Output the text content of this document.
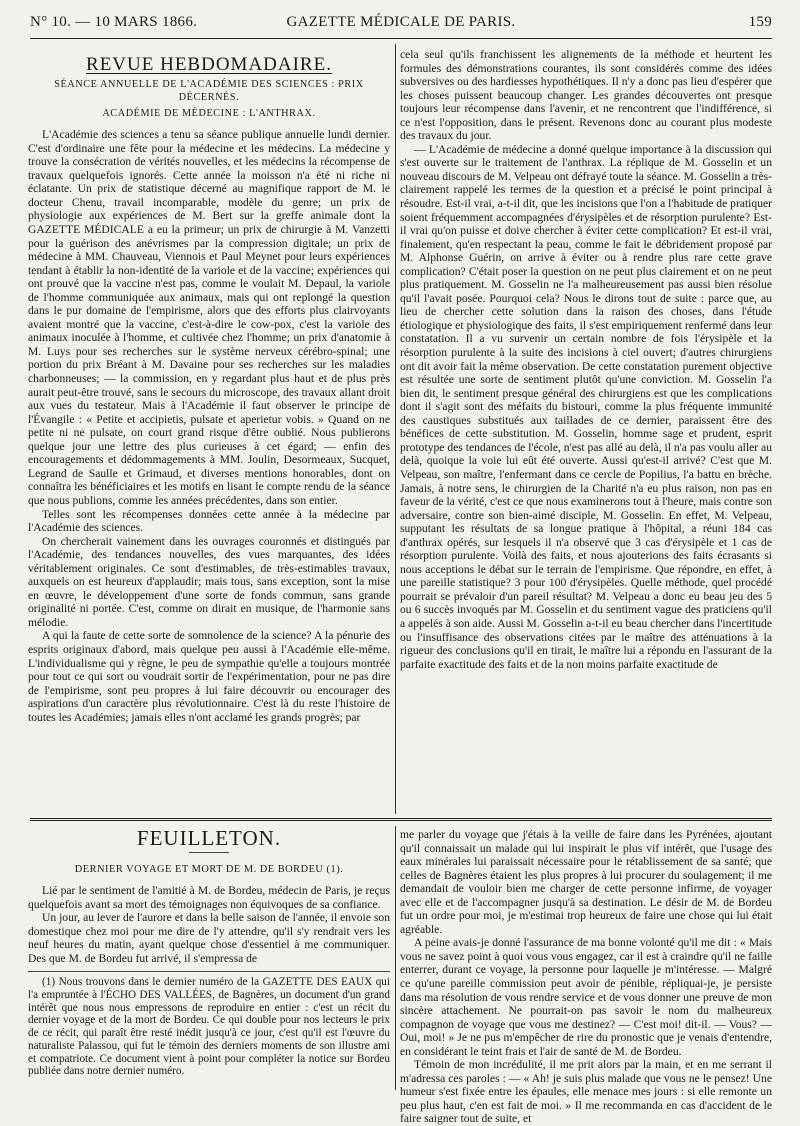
N° 10. — 10 MARS 1866.	GAZETTE MÉDICALE DE PARIS.	159
REVUE HEBDOMADAIRE.
SÉANCE ANNUELLE DE L'ACADÉMIE DES SCIENCES : PRIX DÉCERNÉS.
ACADÉMIE DE MÉDECINE : L'ANTHRAX.

L'Académie des sciences a tenu sa séance publique annuelle lundi dernier. C'est d'ordinaire une fête pour la médecine et les médecins. La médecine y trouve la consécration de vérités nouvelles, et les médecins la récompense de travaux quelquefois ignorés. Cette année la moisson n'a été ni riche ni éclatante. Un prix de statistique décerné au magnifique rapport de M. le docteur Chenu, travail incomparable, modèle du genre; un prix de physiologie aux expériences de M. Bert sur la greffe animale dont la GAZETTE MÉDICALE a eu la primeur; un prix de chirurgie à M. Vanzetti pour la guérison des anévrismes par la compression digitale; un prix de médecine à MM. Chauveau, Viennois et Paul Meynet pour leurs expériences tendant à établir la non-identité de la variole et de la vaccine; expériences qui ont prouvé que la vaccine n'est pas, comme le voulait M. Depaul, la variole de l'homme communiquée aux animaux, mais qui ont replongé la question dans le pur domaine de l'empirisme, alors que des efforts plus clairvoyants avaient montré que la vaccine, c'est-à-dire le cow-pox, c'est la variole des animaux inoculée à l'homme, et cultivée chez l'homme; un prix d'anatomie à M. Luys pour ses recherches sur le système nerveux cérébro-spinal; une portion du prix Bréant à M. Davaine pour ses recherches sur les maladies charbonneuses; — la commission, en y regardant plus haut et de plus près aurait peut-être trouvé, sans le secours du microscope, des travaux allant droit aux vues du testateur. Mais à l'Académie il faut observer le principe de l'Évangile : « Petite et accipietis, pulsate et aperietur vobis. » Quand on ne petite ni ne pulsate, on court grand risque d'être oublié. Nous publierons quelque jour une lettre des plus curieuses à cet égard; — enfin des encouragements et dédommagements à MM. Joulin, Desormeaux, Sucquet, Legrand de Saulle et Grimaud, et diverses mentions honorables, dont on connaîtra les bénéficiaires et les motifs en lisant le compte rendu de la séance que nous publions, comme les années précédentes, dans son entier.

Telles sont les récompenses données cette année à la médecine par l'Académie des sciences.

On chercherait vainement dans les ouvrages couronnés et distingués par l'Académie, des tendances nouvelles, des vues marquantes, des idées véritablement originales. Ce sont d'estimables, de très-estimables travaux, auxquels on est heureux d'applaudir; mais tous, sans exception, sont la mise en œuvre, le développement d'une sorte de fonds commun, sans grande originalité ni portée. C'est, comme on dirait en musique, de l'harmonie sans mélodie.

A qui la faute de cette sorte de somnolence de la science? A la pénurie des esprits originaux d'abord, mais quelque peu aussi à l'Académie elle-même. L'individualisme qui y règne, le peu de sympathie qu'elle a toujours montrée pour tout ce qui sort ou voudrait sortir de l'expérimentation, pour ne pas dire de l'empirisme, sont peu propres à lui faire découvrir ou encourager des aspirations d'un caractère plus révolutionnaire. C'est là du reste l'histoire de toutes les Académies; jamais elles n'ont acclamé les grands progrès; par

cela seul qu'ils franchissent les alignements de la méthode et heurtent les formules des démonstrations courantes, ils sont considérés comme des idées subversives ou des hardiesses hypothétiques. Il n'y a donc pas lieu d'espérer que les choses puissent beaucoup changer. Les grandes découvertes ont presque toujours leur récompense dans l'avenir, et ne rencontrent que l'indifférence, si ce n'est l'opposition, dans le présent. Revenons donc au courant plus modeste des travaux du jour.

— L'Académie de médecine a donné quelque importance à la discussion qui s'est ouverte sur le traitement de l'anthrax. La réplique de M. Gosselin et un nouveau discours de M. Velpeau ont défrayé toute la séance. M. Gosselin a très-clairement rappelé les termes de la question et a précisé le point principal à résoudre. Est-il vrai, a-t-il dit, que les incisions que l'on a l'habitude de pratiquer soient fréquemment accompagnées d'érysipèles et de résorption purulente? Est-il vrai qu'on puisse et doive chercher à éviter cette complication? Et est-il vrai, finalement, qu'en respectant la peau, comme le fait le débridement proposé par M. Alphonse Guérin, on arrive à éviter ou à rendre plus rare cette grave complication? C'était poser la question on ne peut plus clairement et on ne peut plus pratiquement. M. Gosselin ne l'a malheureusement pas aussi bien résolue qu'il l'avait posée. Pourquoi cela? Nous le dirons tout de suite : parce que, au lieu de chercher cette solution dans la raison des choses, dans l'étude étiologique et physiologique des faits, il s'est empiriquement renfermé dans leur constatation. Il a vu survenir un certain nombre de fois l'érysipèle et la résorption purulente à la suite des incisions à ciel ouvert; d'autres chirurgiens ont dit avoir fait la même observation. De cette constatation purement objective est résultée une sorte de sentiment plutôt qu'une conviction. M. Gosselin l'a bien dit, le sentiment presque général des chirurgiens est que les complications dont il s'agit sont des méfaits du bistouri, comme la plus fréquente immunité des caustiques substitués aux taillades de ce dernier, paraissent être des bénéfices de cette substitution. M. Gosselin, homme sage et prudent, esprit prototype des tendances de l'école, n'est pas allé au delà, il n'a pas voulu aller au delà, quoique la voie lui eût été ouverte. Aussi qu'est-il arrivé? C'est que M. Velpeau, son maître, l'enfermant dans ce cercle de Popilius, l'a battu en brèche. Jamais, à notre sens, le chirurgien de la Charité n'a eu plus raison, non pas en faveur de la vérité, c'est ce que nous examinerons tout à l'heure, mais contre son adversaire, contre son bien-aimé disciple, M. Gosselin. En effet, M. Velpeau, supputant les résultats de sa longue pratique à l'hôpital, a réuni 184 cas d'anthrax opérés, sur lesquels il n'a observé que 3 cas d'érysipèle et 1 cas de résorption purulente. Voilà des faits, et nous ajouterions des faits écrasants si nous acceptions le débat sur le terrain de l'empirisme. Que répondre, en effet, à une pareille statistique? 3 pour 100 d'érysipèles. Quelle méthode, quel procédé pourrait se prévaloir d'un pareil résultat? M. Velpeau a donc eu beau jeu des 5 ou 6 succès invoqués par M. Gosselin et du sentiment vague des praticiens qu'il a appelés à son aide. Aussi M. Gosselin a-t-il eu beau chercher dans l'incertitude ou l'insuffisance des observations citées par le maître des atténuations à la rigueur des conclusions qu'il en tirait, le maître lui a répondu en l'assurant de la parfaite exactitude des faits et de la non moins parfaite exactitude de

FEUILLETON.
DERNIER VOYAGE ET MORT DE M. DE BORDEU (1).

Lié par le sentiment de l'amitié à M. de Bordeu, médecin de Paris, je reçus quelquefois avant sa mort des témoignages non équivoques de sa confiance.

Un jour, au lever de l'aurore et dans la belle saison de l'année, il envoie son domestique chez moi pour me dire de l'y attendre, qu'il s'y rendrait vers les neuf heures du matin, ayant quelque chose d'essentiel à me communiquer. Des que M. de Bordeu fut arrivé, il s'empressa de

(1) Nous trouvons dans le dernier numéro de la GAZETTE DES EAUX qui l'a empruntée à l'ÉCHO DES VALLÉES, de Bagnères, un document d'un grand intérêt que nous nous empressons de reproduire en entier : c'est un récit du dernier voyage et de la mort de Bordeu. Ce qui double pour nos lecteurs le prix de ce récit, qui paraît être resté inédit jusqu'à ce jour, c'est qu'il est l'œuvre du naturaliste Palassou, qui fut le témoin des derniers moments de son illustre ami et compatriote. Ce document vient à point pour compléter la notice sur Bordeu publiée dans notre dernier numéro.

me parler du voyage que j'étais à la veille de faire dans les Pyrénées, ajoutant qu'il connaissait un malade qui lui inspirait le plus vif intérêt, que l'usage des eaux minérales lui paraissait nécessaire pour le rétablissement de sa santé; que celles de Bagnères étaient les plus propres à lui procurer du soulagement; il me demandait de vouloir bien me charger de cette personne infirme, de voyager avec elle et de l'accompagner jusqu'à sa destination. Le désir de M. de Bordeu fut un ordre pour moi, je m'estimai trop heureux de faire une chose qui lui était agréable.

A peine avais-je donné l'assurance de ma bonne volonté qu'il me dit : « Mais vous ne savez point à quoi vous vous engagez, car il est à craindre qu'il ne faille enterrer, durant ce voyage, la personne pour laquelle je m'intéresse. — Malgré ce qu'une pareille commission peut avoir de pénible, répliquai-je, je persiste dans ma résolution de vous rendre service et de vous donner une preuve de mon sincère attachement. Ne pourrait-on pas savoir le nom du malheureux compagnon de voyage que vous me destinez? — C'est moi! dit-il. — Vous? — Oui, moi! » Je ne pus m'empêcher de rire du pronostic que je venais d'entendre, en considérant le teint frais et l'air de santé de M. de Bordeu.

Témoin de mon incrédulité, il me prit alors par la main, et en me serrant il m'adressa ces paroles : — « Ah! je suis plus malade que vous ne le pensez! Une humeur s'est fixée entre les épaules, elle menace mes jours : si elle remonte un peu plus haut, c'en est fait de moi. » Il me recommanda en cas d'accident de le faire saigner tout de suite, et
